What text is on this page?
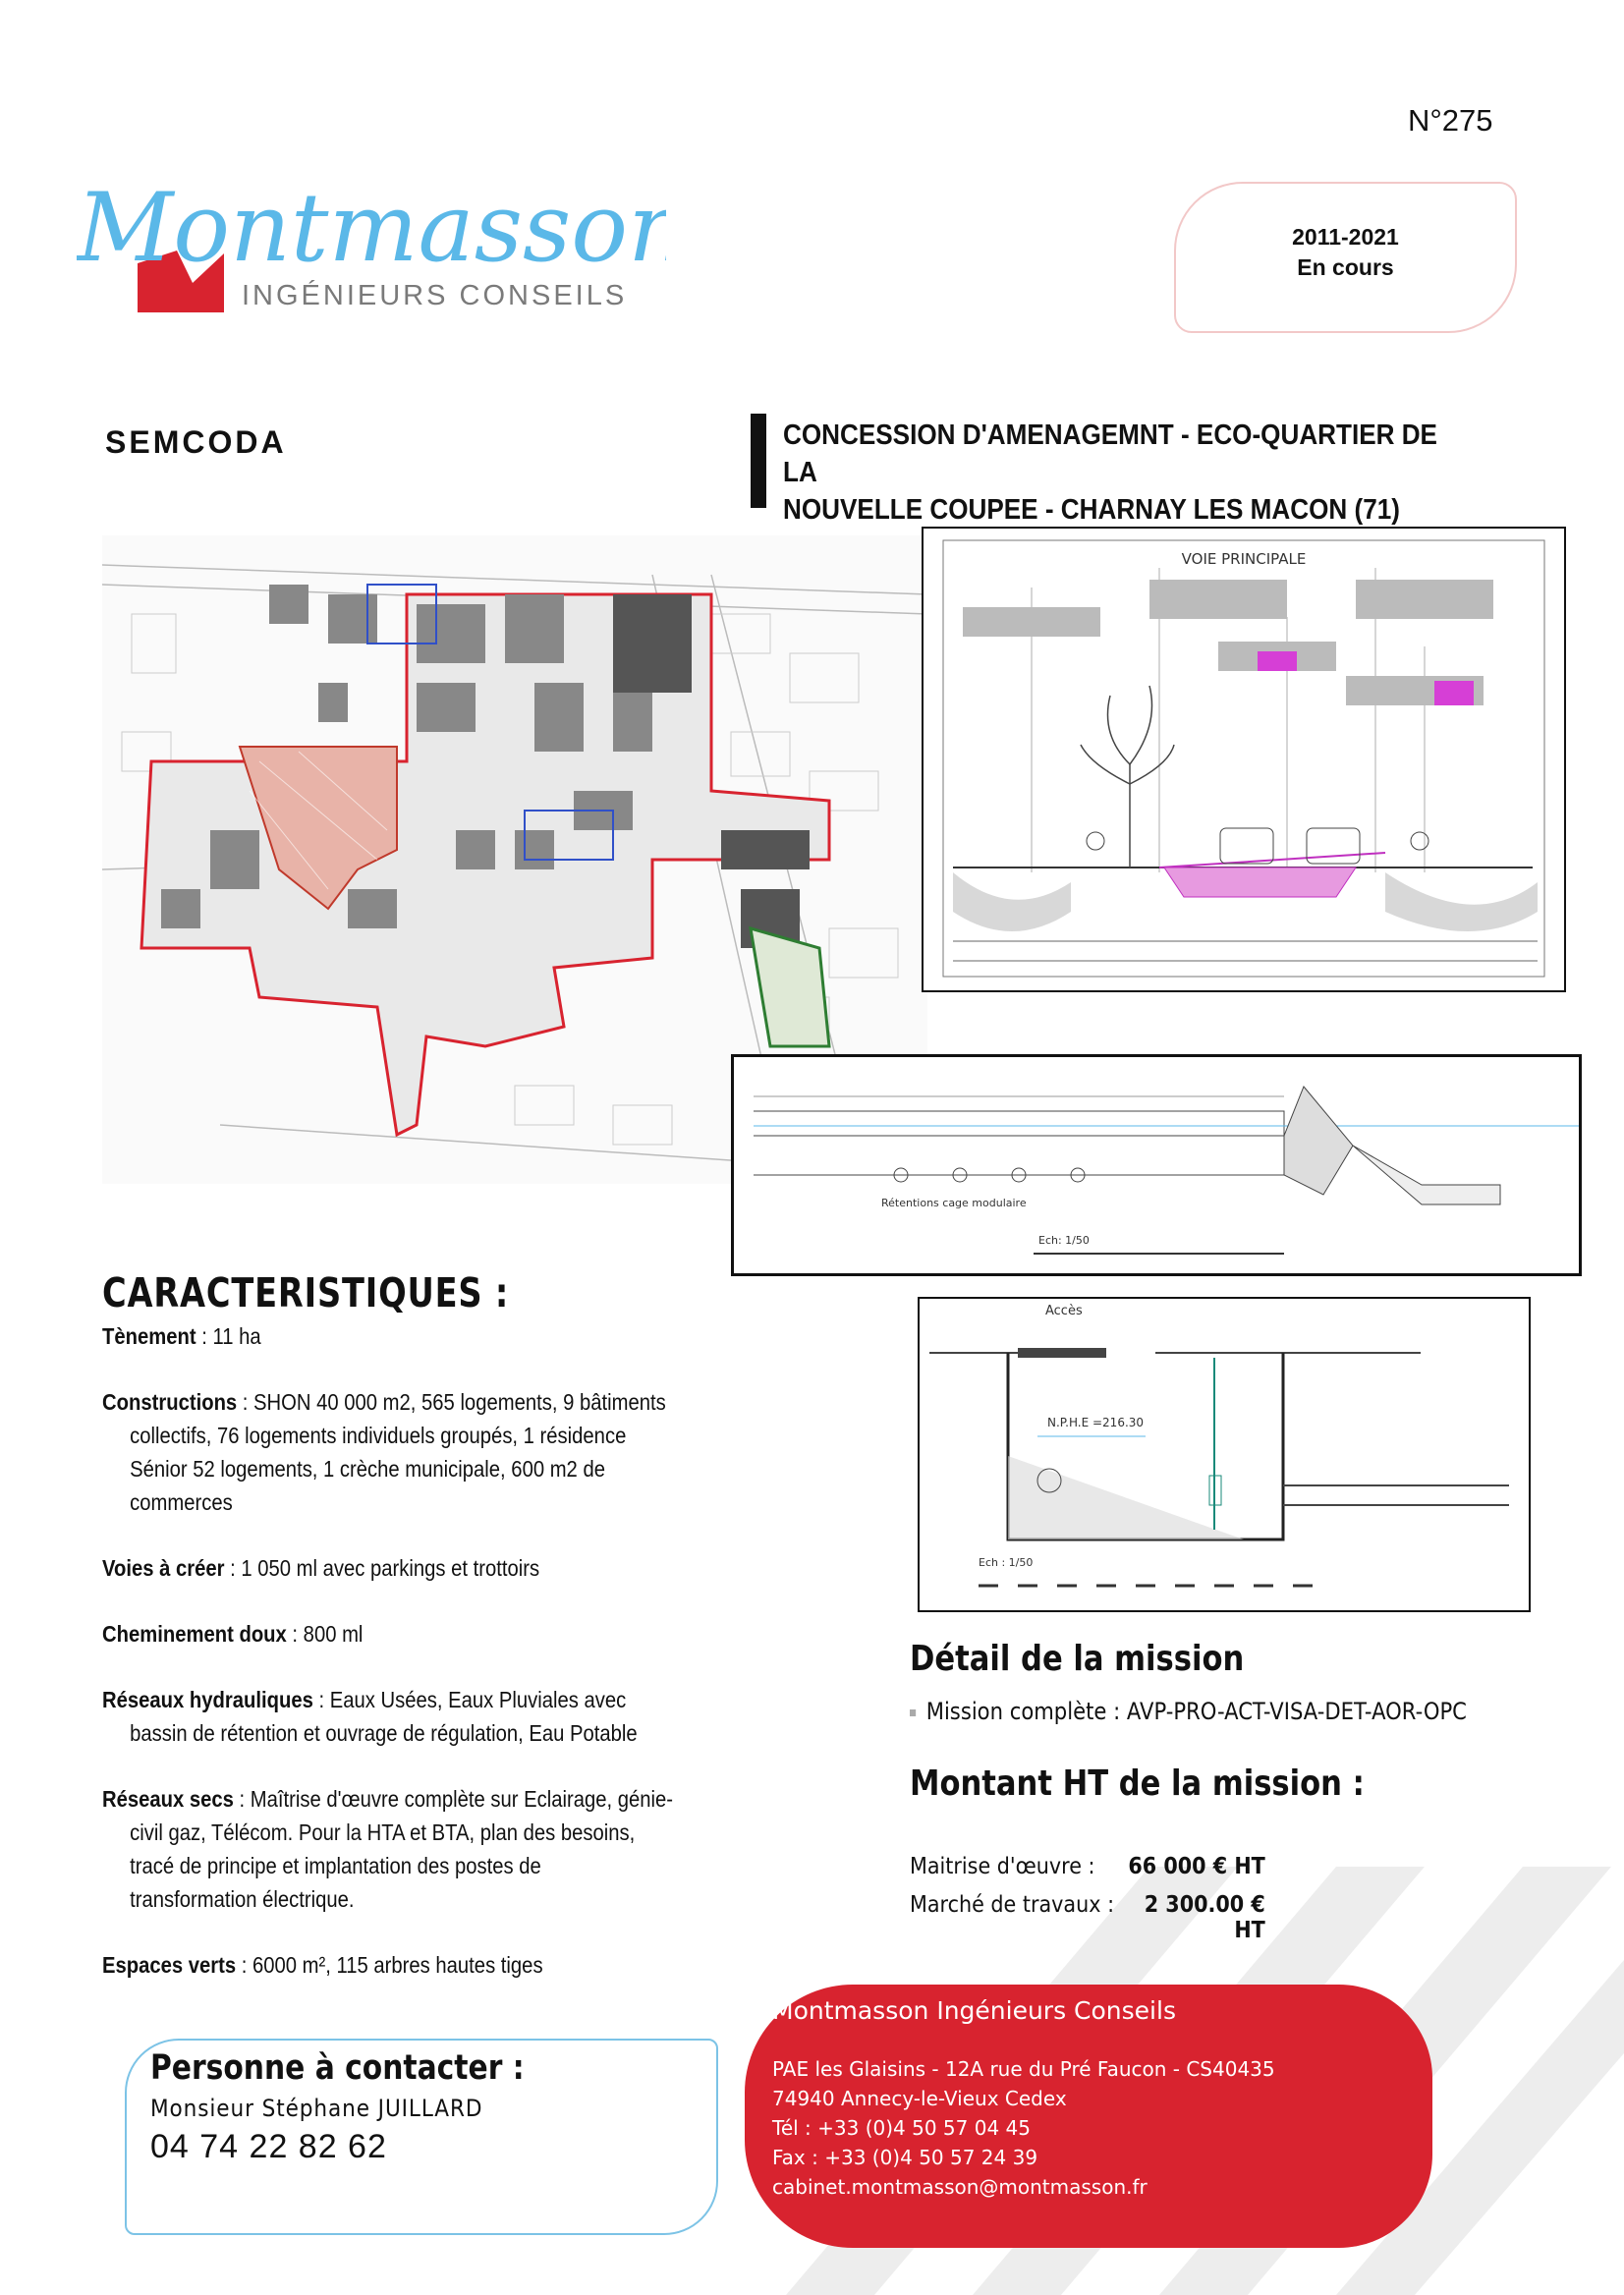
N°275
Montmasson
INGÉNIEURS CONSEILS
2011-2021
En cours
SEMCODA	CONCESSION D'AMENAGEMNT - ECO-QUARTIER DE LA
NOUVELLE COUPEE - CHARNAY LES MACON (71)
VOIE PRINCIPALE
Rétentions cage modulaire
Ech: 1/50
Accès
N.P.H.E =216.30
Ech : 1/50
CARACTERISTIQUES :
Tènement : 11 ha
Constructions : SHON 40 000 m2, 565 logements, 9 bâtiments
collectifs, 76 logements individuels groupés, 1 résidence
Sénior 52 logements, 1 crèche municipale, 600 m2 de
commerces
Voies à créer : 1 050 ml avec parkings et trottoirs
Cheminement doux : 800 ml
Réseaux hydrauliques : Eaux Usées, Eaux Pluviales avec
bassin de rétention et ouvrage de régulation, Eau Potable
Réseaux secs : Maîtrise d'œuvre complète sur Eclairage, génie-
civil gaz, Télécom. Pour la HTA et BTA, plan des besoins,
tracé de principe et implantation des postes de
transformation électrique.
Espaces verts : 6000 m², 115 arbres hautes tiges
Détail de la mission
Mission complète : AVP-PRO-ACT-VISA-DET-AOR-OPC
Montant HT de la mission :
Maitrise d'œuvre : 66 000 € HT
Marché de travaux :	2 300.00 € HT
Personne à contacter :
Monsieur Stéphane JUILLARD
04 74 22 82 62
Montmasson Ingénieurs Conseils
PAE les Glaisins - 12A rue du Pré Faucon - CS40435
74940 Annecy-le-Vieux Cedex
Tél : +33 (0)4 50 57 04 45
Fax : +33 (0)4 50 57 24 39
cabinet.montmasson@montmasson.fr
